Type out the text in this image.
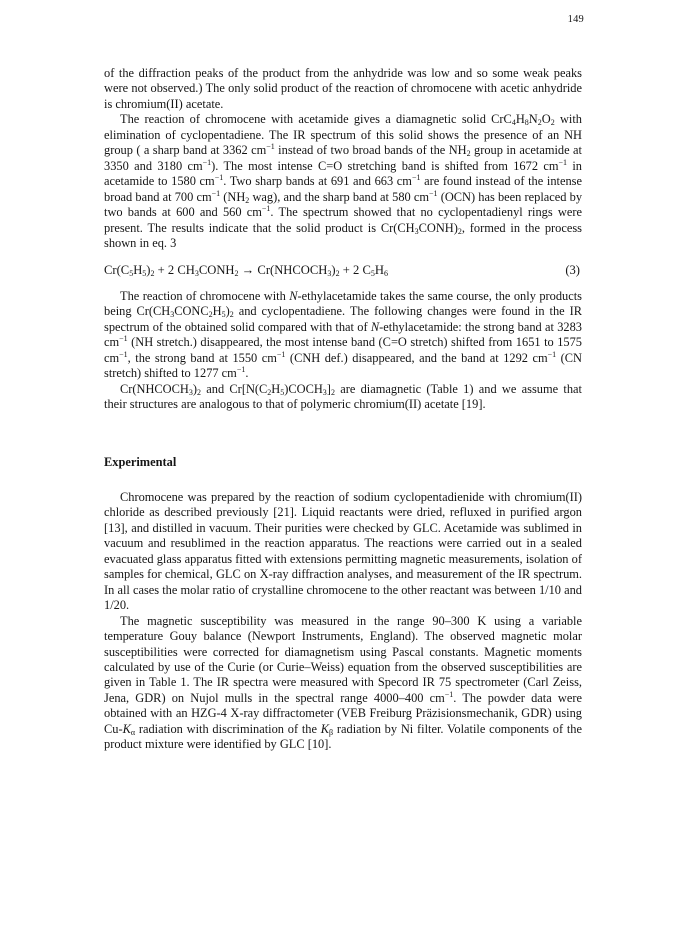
149

of the diffraction peaks of the product from the anhydride was low and so some weak peaks were not observed.) The only solid product of the reaction of chromocene with acetic anhydride is chromium(II) acetate.

The reaction of chromocene with acetamide gives a diamagnetic solid $CrC_4H_8N_2O_2$ with elimination of cyclopentadiene. The IR spectrum of this solid shows the presence of an NH group ( a sharp band at 3362 $cm^{-1}$ instead of two broad bands of the $NH_2$ group in acetamide at 3350 and 3180 $cm^{-1}$). The most intense C=O stretching band is shifted from 1672 $cm^{-1}$ in acetamide to 1580 $cm^{-1}$. Two sharp bands at 691 and 663 $cm^{-1}$ are found instead of the intense broad band at 700 $cm^{-1}$ ($NH_2$ wag), and the sharp band at 580 $cm^{-1}$ (OCN) has been replaced by two bands at 600 and 560 $cm^{-1}$. The spectrum showed that no cyclopentadienyl rings were present. The results indicate that the solid product is $Cr(CH_3CONH)_2$, formed in the process shown in eq. 3

$Cr(C_5H_5)_2 + 2$ $CH_3CONH_2$ → $Cr(NHCOCH_3)_2 + 2$ $C_5H_6$	(3)

The reaction of chromocene with N-ethylacetamide takes the same course, the only products being $Cr(CH_3CONC_2H_5)_2$ and cyclopentadiene. The following changes were found in the IR spectrum of the obtained solid compared with that of N-ethylacetamide: the strong band at 3283 $cm^{-1}$ (NH stretch.) disappeared, the most intense band (C=O stretch) shifted from 1651 to 1575 $cm^{-1}$, the strong band at 1550 $cm^{-1}$ (CNH def.) disappeared, and the band at 1292 $cm^{-1}$ (CN stretch) shifted to 1277 $cm^{-1}$.

$Cr(NHCOCH_3)_2$ and $Cr[N(C_2H_5)COCH_3]_2$ are diamagnetic (Table 1) and we assume that their structures are analogous to that of polymeric chromium(II) acetate [19].

Experimental

Chromocene was prepared by the reaction of sodium cyclopentadienide with chromium(II) chloride as described previously [21]. Liquid reactants were dried, refluxed in purified argon [13], and distilled in vacuum. Their purities were checked by GLC. Acetamide was sublimed in vacuum and resublimed in the reaction apparatus. The reactions were carried out in a sealed evacuated glass apparatus fitted with extensions permitting magnetic measurements, isolation of samples for chemical, GLC on X-ray diffraction analyses, and measurement of the IR spectrum. In all cases the molar ratio of crystalline chromocene to the other reactant was between 1/10 and 1/20.

The magnetic susceptibility was measured in the range 90–300 K using a variable temperature Gouy balance (Newport Instruments, England). The observed magnetic molar susceptibilities were corrected for diamagnetism using Pascal constants. Magnetic moments calculated by use of the Curie (or Curie–Weiss) equation from the observed susceptibilities are given in Table 1. The IR spectra were measured with Specord IR 75 spectrometer (Carl Zeiss, Jena, GDR) on Nujol mulls in the spectral range 4000–400 $cm^{-1}$. The powder data were obtained with an HZG-4 X-ray diffractometer (VEB Freiburg Präzisionsmechanik, GDR) using $Cu-K_\alpha$ radiation with discrimination of the $K_\beta$ radiation by Ni filter. Volatile components of the product mixture were identified by GLC [10].
